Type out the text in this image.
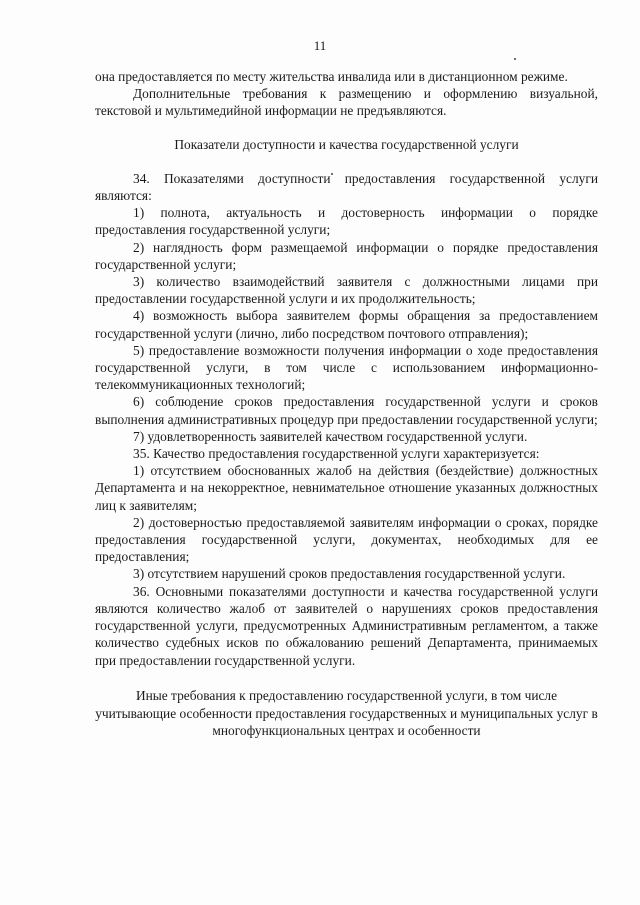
11

она предоставляется по месту жительства инвалида или в дистанционном режиме.

Дополнительные требования к размещению и оформлению визуальной, текстовой и мультимедийной информации не предъявляются.

Показатели доступности и качества государственной услуги

34. Показателями доступности предоставления государственной услуги являются:

1) полнота, актуальность и достоверность информации о порядке предоставления государственной услуги;

2) наглядность форм размещаемой информации о порядке предоставления государственной услуги;

3) количество взаимодействий заявителя с должностными лицами при предоставлении государственной услуги и их продолжительность;

4) возможность выбора заявителем формы обращения за предоставлением государственной услуги (лично, либо посредством почтового отправления);

5) предоставление возможности получения информации о ходе предоставления государственной услуги, в том числе с использованием информационно-телекоммуникационных технологий;

6) соблюдение сроков предоставления государственной услуги и сроков выполнения административных процедур при предоставлении государственной услуги;

7) удовлетворенность заявителей качеством государственной услуги.

35. Качество предоставления государственной услуги характеризуется:

1) отсутствием обоснованных жалоб на действия (бездействие) должностных Департамента и на некорректное, невнимательное отношение указанных должностных лиц к заявителям;

2) достоверностью предоставляемой заявителям информации о сроках, порядке предоставления государственной услуги, документах, необходимых для ее предоставления;

3) отсутствием нарушений сроков предоставления государственной услуги.

36. Основными показателями доступности и качества государственной услуги являются количество жалоб от заявителей о нарушениях сроков предоставления государственной услуги, предусмотренных Административным регламентом, а также количество судебных исков по обжалованию решений Департамента, принимаемых при предоставлении государственной услуги.

Иные требования к предоставлению государственной услуги, в том числе учитывающие особенности предоставления государственных и муниципальных услуг в многофункциональных центрах и особенности
